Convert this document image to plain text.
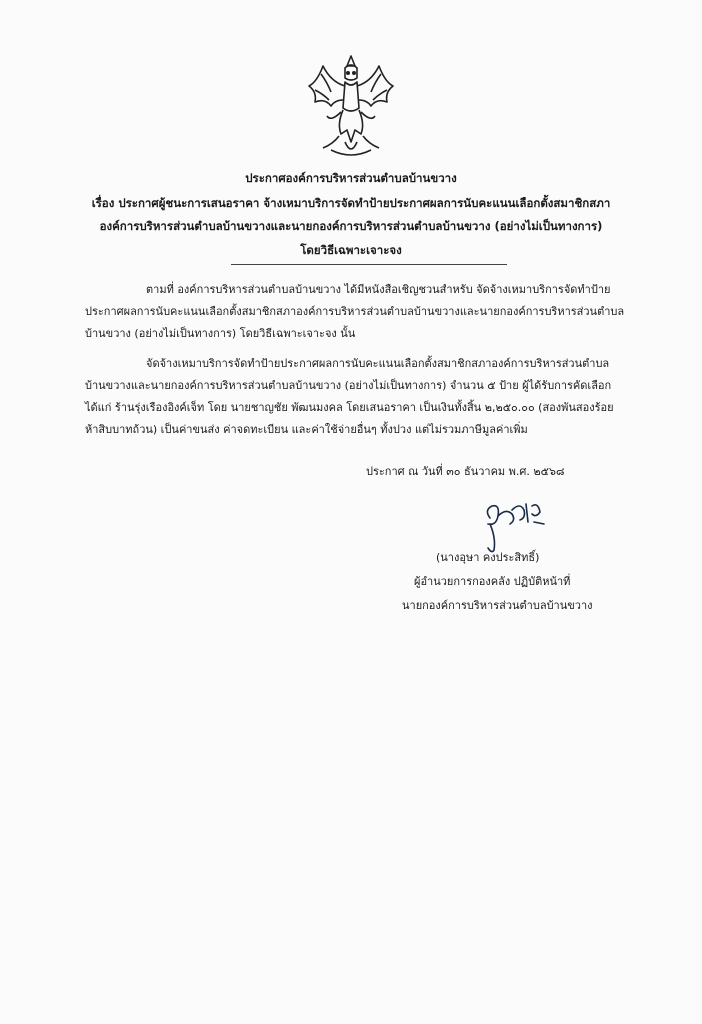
ประกาศองค์การบริหารส่วนตำบลบ้านขวาง
เรื่อง ประกาศผู้ชนะการเสนอราคา จ้างเหมาบริการจัดทำป้ายประกาศผลการนับคะแนนเลือกตั้งสมาชิกสภา
องค์การบริหารส่วนตำบลบ้านขวางและนายกองค์การบริหารส่วนตำบลบ้านขวาง (อย่างไม่เป็นทางการ)
โดยวิธีเฉพาะเจาะจง
ตามที่ องค์การบริหารส่วนตำบลบ้านขวาง ได้มีหนังสือเชิญชวนสำหรับ จัดจ้างเหมาบริการจัดทำป้าย
ประกาศผลการนับคะแนนเลือกตั้งสมาชิกสภาองค์การบริหารส่วนตำบลบ้านขวางและนายกองค์การบริหารส่วนตำบล
บ้านขวาง (อย่างไม่เป็นทางการ) โดยวิธีเฉพาะเจาะจง นั้น
จัดจ้างเหมาบริการจัดทำป้ายประกาศผลการนับคะแนนเลือกตั้งสมาชิกสภาองค์การบริหารส่วนตำบล
บ้านขวางและนายกองค์การบริหารส่วนตำบลบ้านขวาง (อย่างไม่เป็นทางการ) จำนวน ๕ ป้าย ผู้ได้รับการคัดเลือก
ได้แก่ ร้านรุ่งเรืองอิงค์เจ็ท โดย นายชาญชัย พัฒนมงคล โดยเสนอราคา เป็นเงินทั้งสิ้น ๒,๒๕๐.๐๐ (สองพันสองร้อย
ห้าสิบบาทถ้วน) เป็นค่าขนส่ง ค่าจดทะเบียน และค่าใช้จ่ายอื่นๆ ทั้งปวง แต่ไม่รวมภาษีมูลค่าเพิ่ม
ประกาศ ณ วันที่ ๓๐ ธันวาคม พ.ศ. ๒๕๖๘
(นางอุษา คงประสิทธิ์)
ผู้อำนวยการกองคลัง ปฏิบัติหน้าที่
นายกองค์การบริหารส่วนตำบลบ้านขวาง
